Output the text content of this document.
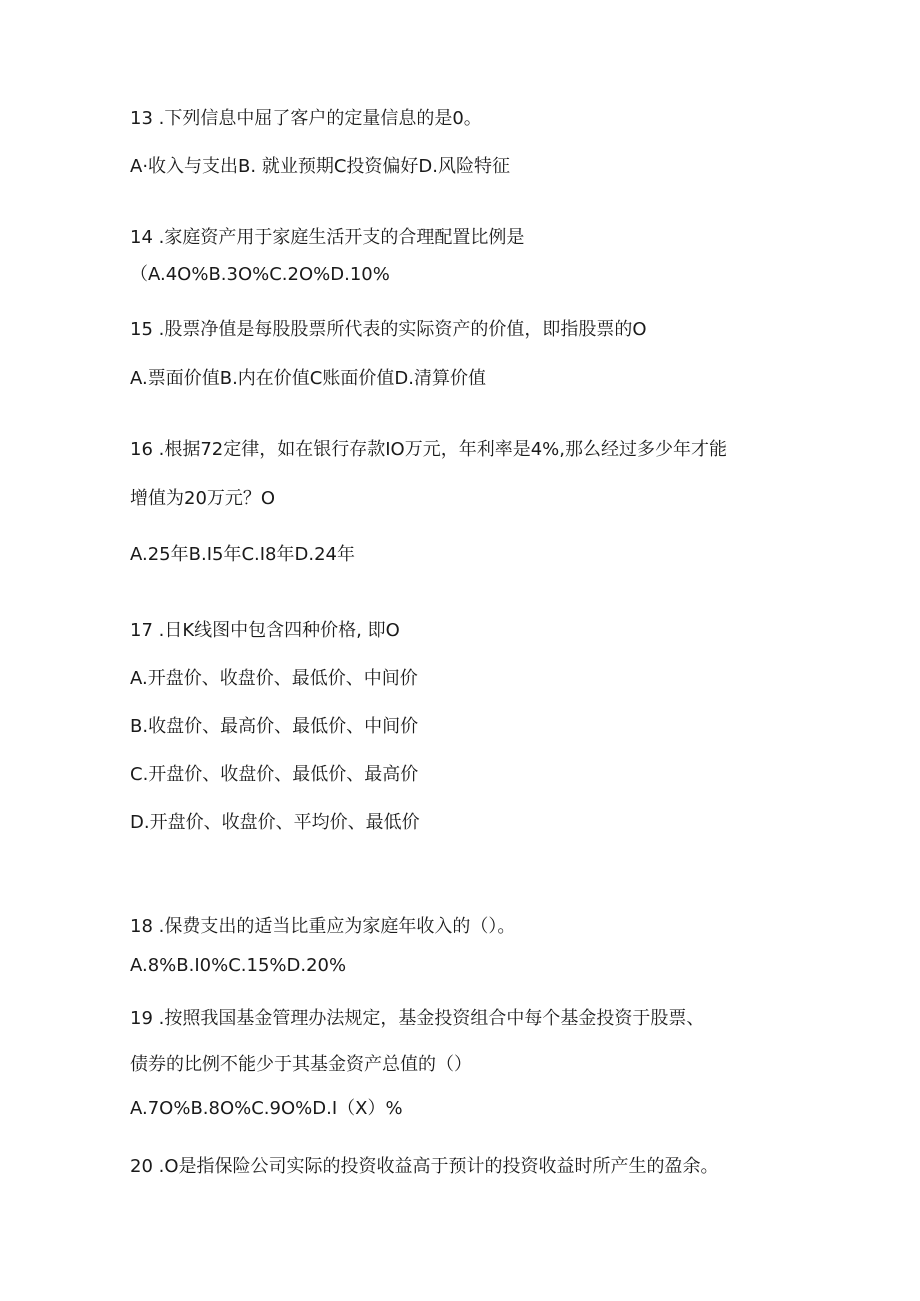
13 .下列信息中屈了客户的定量信息的是0。
A·收入与支出B. 就业预期C投资偏好D.风险特征
14 .家庭资产用于家庭生活开支的合理配置比例是
（A.4O%B.3O%C.2O%D.10%
15 .股票净值是每股股票所代表的实际资产的价值，即指股票的O
A.票面价值B.内在价值C账面价值D.清算价值
16 .根据72定律，如在银行存款IO万元，年利率是4%,那么经过多少年才能
增值为20万元？O
A.25年B.I5年C.I8年D.24年
17 .日K线图中包含四种价格, 即O
A.开盘价、收盘价、最低价、中间价
B.收盘价、最高价、最低价、中间价
C.开盘价、收盘价、最低价、最高价
D.开盘价、收盘价、平均价、最低价
18 .保费支出的适当比重应为家庭年收入的（）。
A.8%B.I0%C.15%D.20%
19 .按照我国基金管理办法规定，基金投资组合中每个基金投资于股票、
债券的比例不能少于其基金资产总值的（）
A.7O%B.8O%C.9O%D.I（X）%
20 .O是指保险公司实际的投资收益高于预计的投资收益时所产生的盈余。
